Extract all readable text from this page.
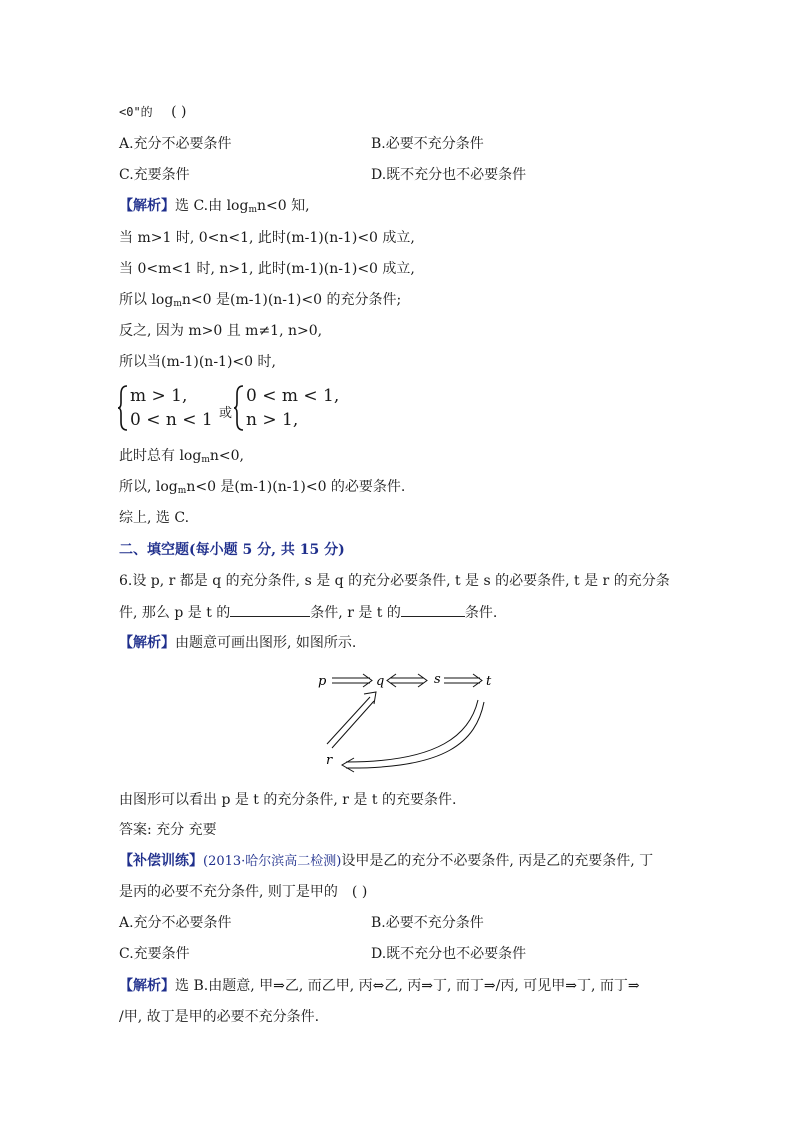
<0"的 ( )
A.充分不必要条件	B.必要不充分条件
C.充要条件	D.既不充分也不必要条件
【解析】选 C.由 $\log_mn<0$ 知,
当 m>1 时, 0<n<1, 此时(m-1)(n-1)<0 成立,
当 0<m<1 时, n>1, 此时(m-1)(n-1)<0 成立,
所以 $\log_mn<0$ 是(m-1)(n-1)<0 的充分条件;
反之, 因为 m>0 且 m≠1, n>0,
所以当(m-1)(n-1)<0 时,
m > 1,
0 < n < 1 或
0 < m < 1,
n > 1,
此时总有 $\log_mn<0$,
所以, $\log_mn<0$ 是(m-1)(n-1)<0 的必要条件.
综上, 选 C.
二、填空题(每小题 5 分, 共 15 分)
6.设 p, r 都是 q 的充分条件, s 是 q 的充分必要条件, t 是 s 的必要条件, t 是 r 的充分条
件, 那么 p 是 t 的	条件, r 是 t 的	条件.
【解析】由题意可画出图形, 如图所示.
p	q	s	t
r
由图形可以看出 p 是 t 的充分条件, r 是 t 的充要条件.
答案: 充分 充要
【补偿训练】(2013·哈尔滨高二检测)设甲是乙的充分不必要条件, 丙是乙的充要条件, 丁
是丙的必要不充分条件, 则丁是甲的 ( )
A.充分不必要条件	B.必要不充分条件
C.充要条件	D.既不充分也不必要条件
【解析】选 B.由题意, 甲⇒乙, 而乙甲, 丙⇔乙, 丙⇒丁, 而丁⇒/丙, 可见甲⇒丁, 而丁⇒
/甲, 故丁是甲的必要不充分条件.
